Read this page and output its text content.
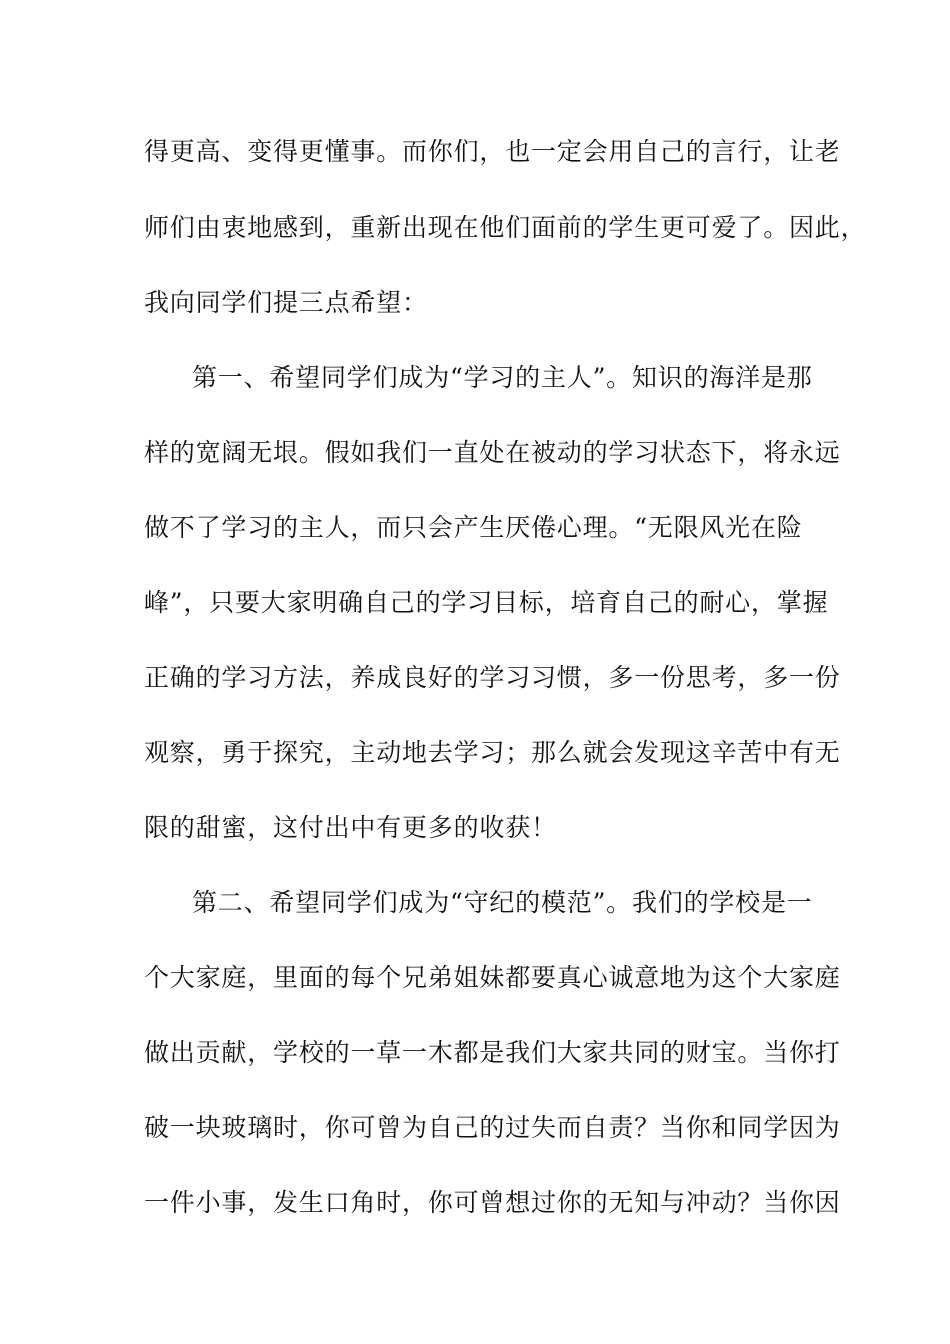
得更高、变得更懂事。而你们，也一定会用自己的言行，让老
师们由衷地感到，重新出现在他们面前的学生更可爱了。因此，
我向同学们提三点希望：
第一、希望同学们成为“学习的主人”。知识的海洋是那
样的宽阔无垠。假如我们一直处在被动的学习状态下，将永远
做不了学习的主人，而只会产生厌倦心理。“无限风光在险
峰”，只要大家明确自己的学习目标，培育自己的耐心，掌握
正确的学习方法，养成良好的学习习惯，多一份思考，多一份
观察，勇于探究，主动地去学习；那么就会发现这辛苦中有无
限的甜蜜，这付出中有更多的收获！
第二、希望同学们成为“守纪的模范”。我们的学校是一
个大家庭，里面的每个兄弟姐妹都要真心诚意地为这个大家庭
做出贡献，学校的一草一木都是我们大家共同的财宝。当你打
破一块玻璃时，你可曾为自己的过失而自责？当你和同学因为
一件小事，发生口角时，你可曾想过你的无知与冲动？当你因
